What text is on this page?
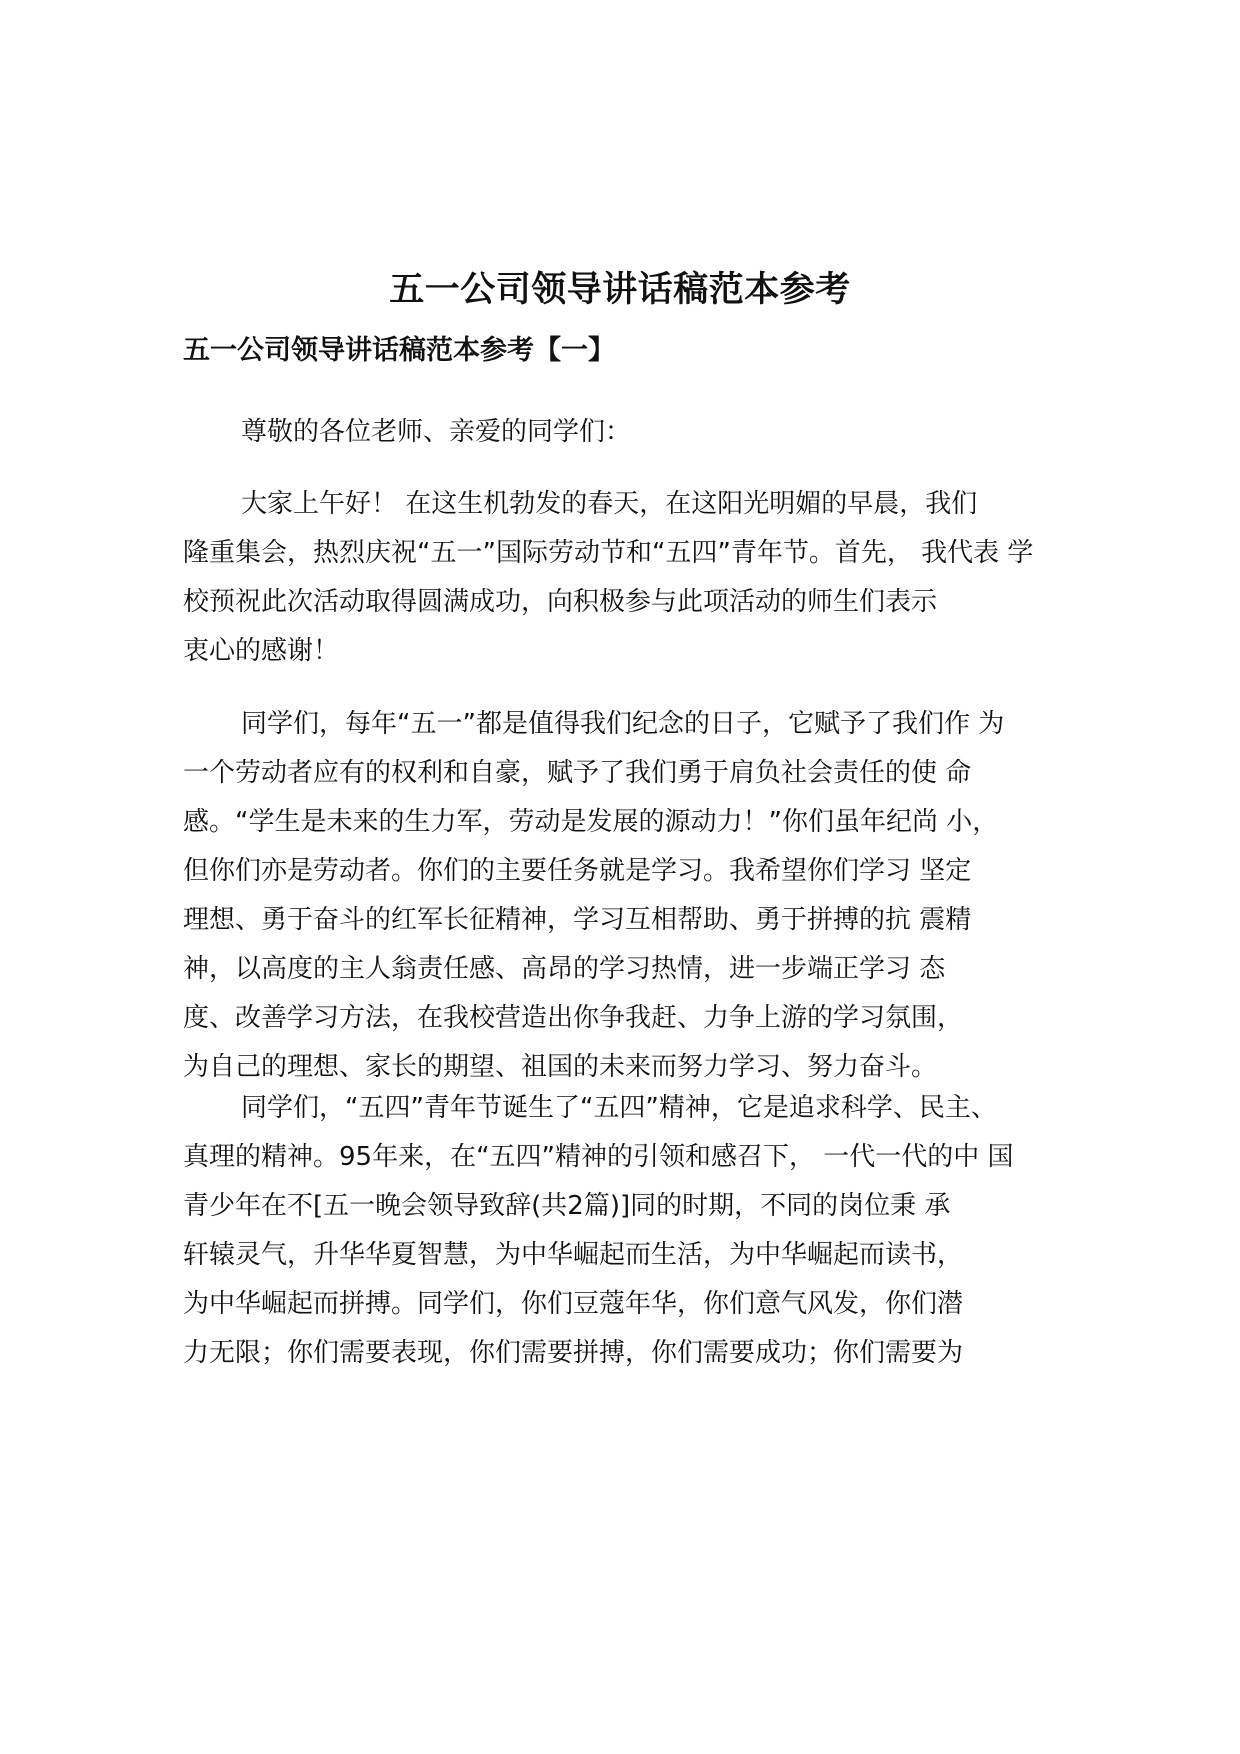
五一公司领导讲话稿范本参考
五一公司领导讲话稿范本参考【一】
尊敬的各位老师、亲爱的同学们：
大家上午好！ 在这生机勃发的春天，在这阳光明媚的早晨，我们
隆重集会，热烈庆祝“五一”国际劳动节和“五四”青年节。首先， 我代表 学
校预祝此次活动取得圆满成功，向积极参与此项活动的师生们表示
衷心的感谢！
同学们，每年“五一”都是值得我们纪念的日子，它赋予了我们作 为
一个劳动者应有的权利和自豪，赋予了我们勇于肩负社会责任的使 命
感。“学生是未来的生力军，劳动是发展的源动力！”你们虽年纪尚 小，
但你们亦是劳动者。你们的主要任务就是学习。我希望你们学习 坚定
理想、勇于奋斗的红军长征精神，学习互相帮助、勇于拼搏的抗 震精
神，以高度的主人翁责任感、高昂的学习热情，进一步端正学习 态
度、改善学习方法，在我校营造出你争我赶、力争上游的学习氛围，
为自己的理想、家长的期望、祖国的未来而努力学习、努力奋斗。
同学们，“五四”青年节诞生了“五四”精神，它是追求科学、民主、
真理的精神。95年来，在“五四”精神的引领和感召下， 一代一代的中 国
青少年在不[五一晚会领导致辞(共2篇)]同的时期，不同的岗位秉 承
轩辕灵气，升华华夏智慧，为中华崛起而生活，为中华崛起而读书，
为中华崛起而拼搏。同学们，你们豆蔻年华，你们意气风发，你们潜
力无限；你们需要表现，你们需要拼搏，你们需要成功；你们需要为
